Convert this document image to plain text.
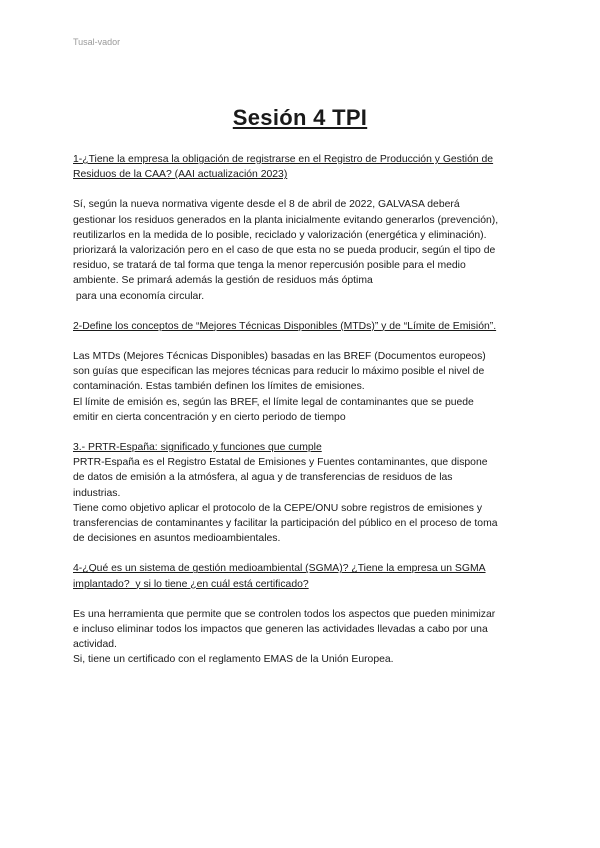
Tusal-vador
Sesión 4 TPI
1-¿Tiene la empresa la obligación de registrarse en el Registro de Producción y Gestión de
Residuos de la CAA? (AAI actualización 2023)
Sí, según la nueva normativa vigente desde el 8 de abril de 2022, GALVASA deberá
gestionar los residuos generados en la planta inicialmente evitando generarlos (prevención),
reutilizarlos en la medida de lo posible, reciclado y valorización (energética y eliminación).
priorizará la valorización pero en el caso de que esta no se pueda producir, según el tipo de
residuo, se tratará de tal forma que tenga la menor repercusión posible para el medio
ambiente. Se primará además la gestión de residuos más óptima
para una economía circular.
2-Define los conceptos de “Mejores Técnicas Disponibles (MTDs)” y de “Límite de Emisión”.
Las MTDs (Mejores Técnicas Disponibles) basadas en las BREF (Documentos europeos)
son guías que especifican las mejores técnicas para reducir lo máximo posible el nivel de
contaminación. Estas también definen los límites de emisiones.
El límite de emisión es, según las BREF, el límite legal de contaminantes que se puede
emitir en cierta concentración y en cierto periodo de tiempo
3.- PRTR-España: significado y funciones que cumple
PRTR-España es el Registro Estatal de Emisiones y Fuentes contaminantes, que dispone
de datos de emisión a la atmósfera, al agua y de transferencias de residuos de las
industrias.
Tiene como objetivo aplicar el protocolo de la CEPE/ONU sobre registros de emisiones y
transferencias de contaminantes y facilitar la participación del público en el proceso de toma
de decisiones en asuntos medioambientales.
4-¿Qué es un sistema de gestión medioambiental (SGMA)? ¿Tiene la empresa un SGMA
implantado?  y si lo tiene ¿en cuál está certificado?
Es una herramienta que permite que se controlen todos los aspectos que pueden minimizar
e incluso eliminar todos los impactos que generen las actividades llevadas a cabo por una
actividad.
Si, tiene un certificado con el reglamento EMAS de la Unión Europea.
